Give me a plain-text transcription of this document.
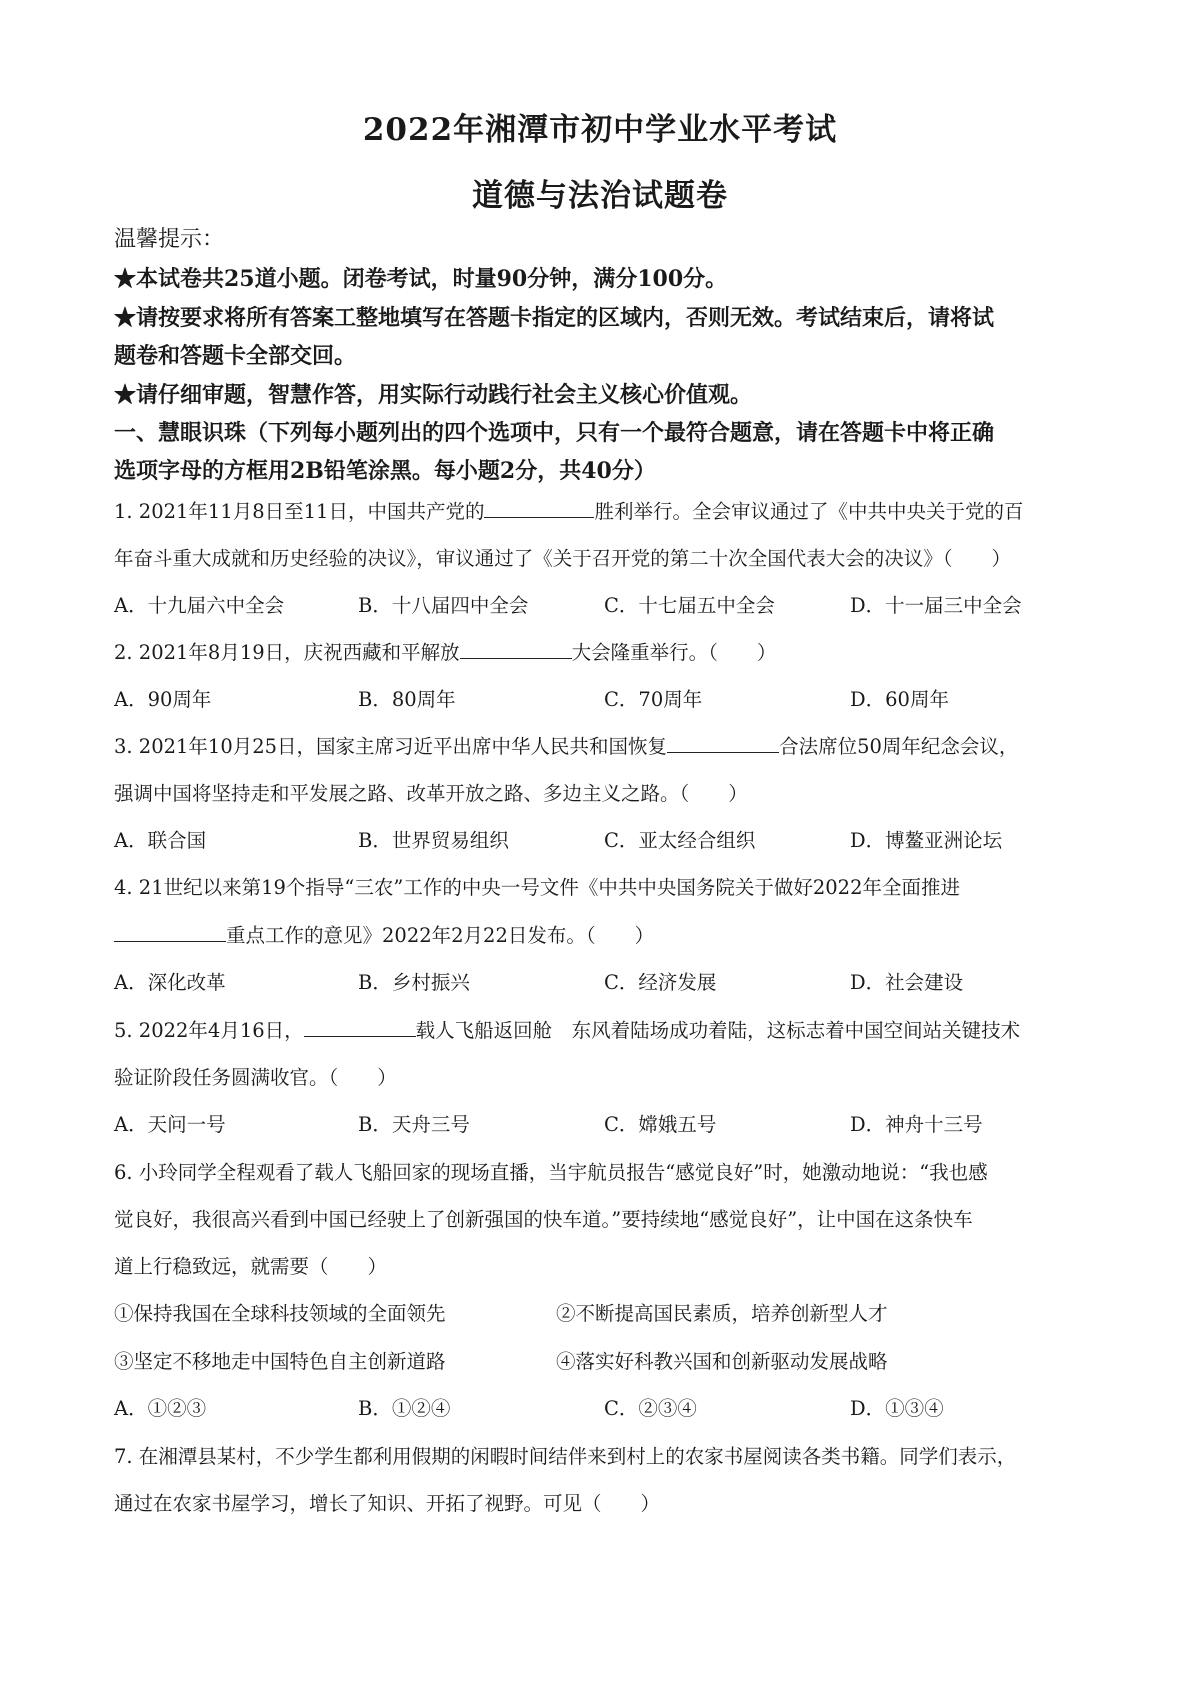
2022年湘潭市初中学业水平考试
道德与法治试题卷
温馨提示：
★本试卷共25道小题。闭卷考试，时量90分钟，满分100分。
★请按要求将所有答案工整地填写在答题卡指定的区域内，否则无效。考试结束后，请将试
题卷和答题卡全部交回。
★请仔细审题，智慧作答，用实际行动践行社会主义核心价值观。
一、慧眼识珠（下列每小题列出的四个选项中，只有一个最符合题意，请在答题卡中将正确
选项字母的方框用2B铅笔涂黑。每小题2分，共40分）
1. 2021年11月8日至11日，中国共产党的	胜利举行。全会审议通过了《中共中央关于党的百
年奋斗重大成就和历史经验的决议》，审议通过了《关于召开党的第二十次全国代表大会的决议》（　　）
A．十九届六中全会	B．十八届四中全会	C．十七届五中全会	D．十一届三中全会
2. 2021年8月19日，庆祝西藏和平解放	大会隆重举行。（　　）
A．90周年	B．80周年	C．70周年	D．60周年
3. 2021年10月25日，国家主席习近平出席中华人民共和国恢复	合法席位50周年纪念会议，
强调中国将坚持走和平发展之路、改革开放之路、多边主义之路。（　　）
A．联合国	B．世界贸易组织	C．亚太经合组织	D．博鳌亚洲论坛
4. 21世纪以来第19个指导“三农”工作的中央一号文件《中共中央国务院关于做好2022年全面推进
重点工作的意见》2022年2月22日发布。（　　）
A．深化改革	B．乡村振兴	C．经济发展	D．社会建设
5. 2022年4月16日，	载人飞船返回舱　东风着陆场成功着陆，这标志着中国空间站关键技术
验证阶段任务圆满收官。（　　）
A．天问一号	B．天舟三号	C．嫦娥五号	D．神舟十三号
6. 小玲同学全程观看了载人飞船回家的现场直播，当宇航员报告“感觉良好”时，她激动地说：“我也感
觉良好，我很高兴看到中国已经驶上了创新强国的快车道。”要持续地“感觉良好”，让中国在这条快车
道上行稳致远，就需要（　　）
①保持我国在全球科技领域的全面领先	②不断提高国民素质，培养创新型人才
③坚定不移地走中国特色自主创新道路	④落实好科教兴国和创新驱动发展战略
A．①②③	B．①②④	C．②③④	D．①③④
7. 在湘潭县某村，不少学生都利用假期的闲暇时间结伴来到村上的农家书屋阅读各类书籍。同学们表示，
通过在农家书屋学习，增长了知识、开拓了视野。可见（　　）
